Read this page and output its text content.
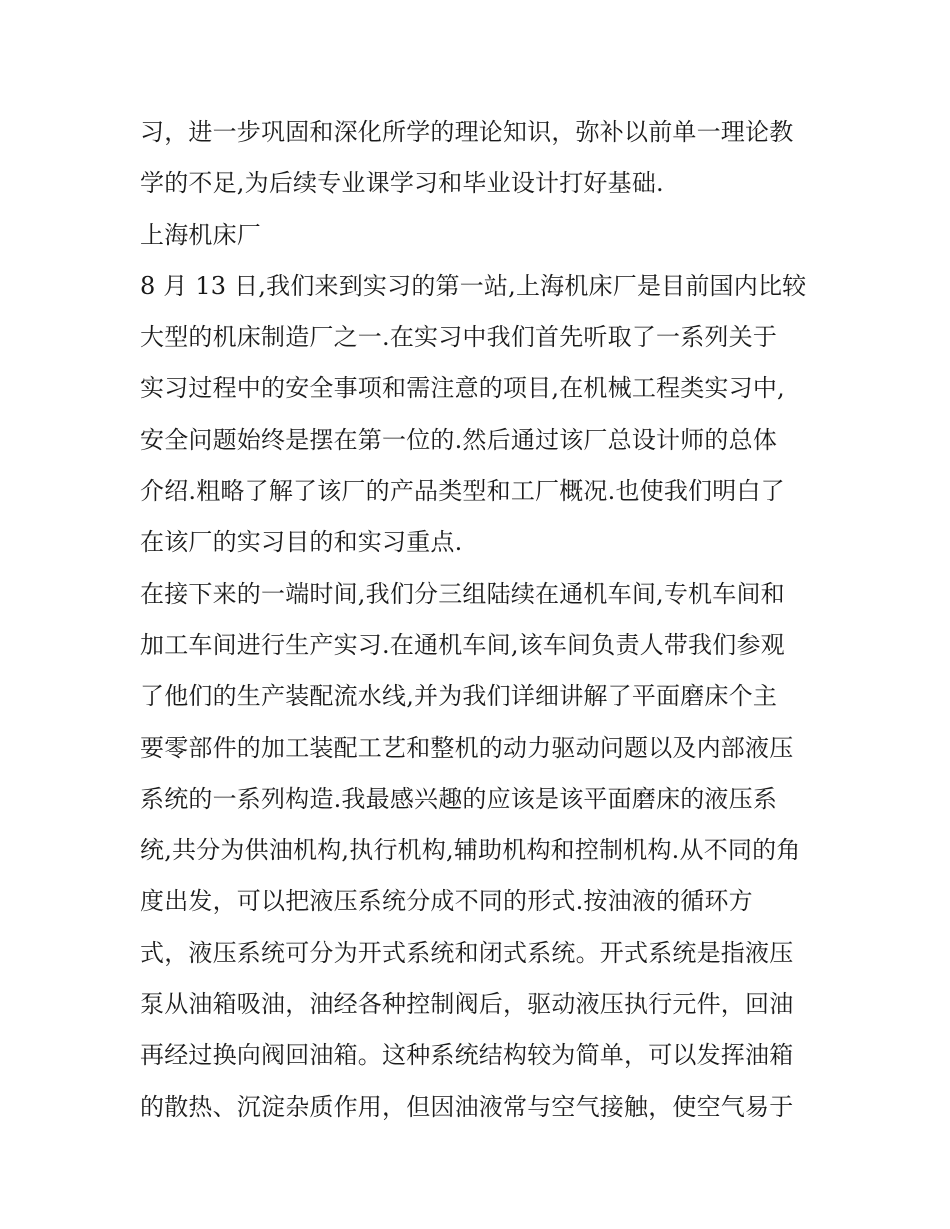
习，进一步巩固和深化所学的理论知识，弥补以前单一理论教
学的不足,为后续专业课学习和毕业设计打好基础.
上海机床厂
8 月 13 日,我们来到实习的第一站,上海机床厂是目前国内比较
大型的机床制造厂之一.在实习中我们首先听取了一系列关于
实习过程中的安全事项和需注意的项目,在机械工程类实习中,
安全问题始终是摆在第一位的.然后通过该厂总设计师的总体
介绍.粗略了解了该厂的产品类型和工厂概况.也使我们明白了
在该厂的实习目的和实习重点.
在接下来的一端时间,我们分三组陆续在通机车间,专机车间和
加工车间进行生产实习.在通机车间,该车间负责人带我们参观
了他们的生产装配流水线,并为我们详细讲解了平面磨床个主
要零部件的加工装配工艺和整机的动力驱动问题以及内部液压
系统的一系列构造.我最感兴趣的应该是该平面磨床的液压系
统,共分为供油机构,执行机构,辅助机构和控制机构.从不同的角
度出发，可以把液压系统分成不同的形式.按油液的循环方
式，液压系统可分为开式系统和闭式系统。开式系统是指液压
泵从油箱吸油，油经各种控制阀后，驱动液压执行元件，回油
再经过换向阀回油箱。这种系统结构较为简单，可以发挥油箱
的散热、沉淀杂质作用，但因油液常与空气接触，使空气易于
